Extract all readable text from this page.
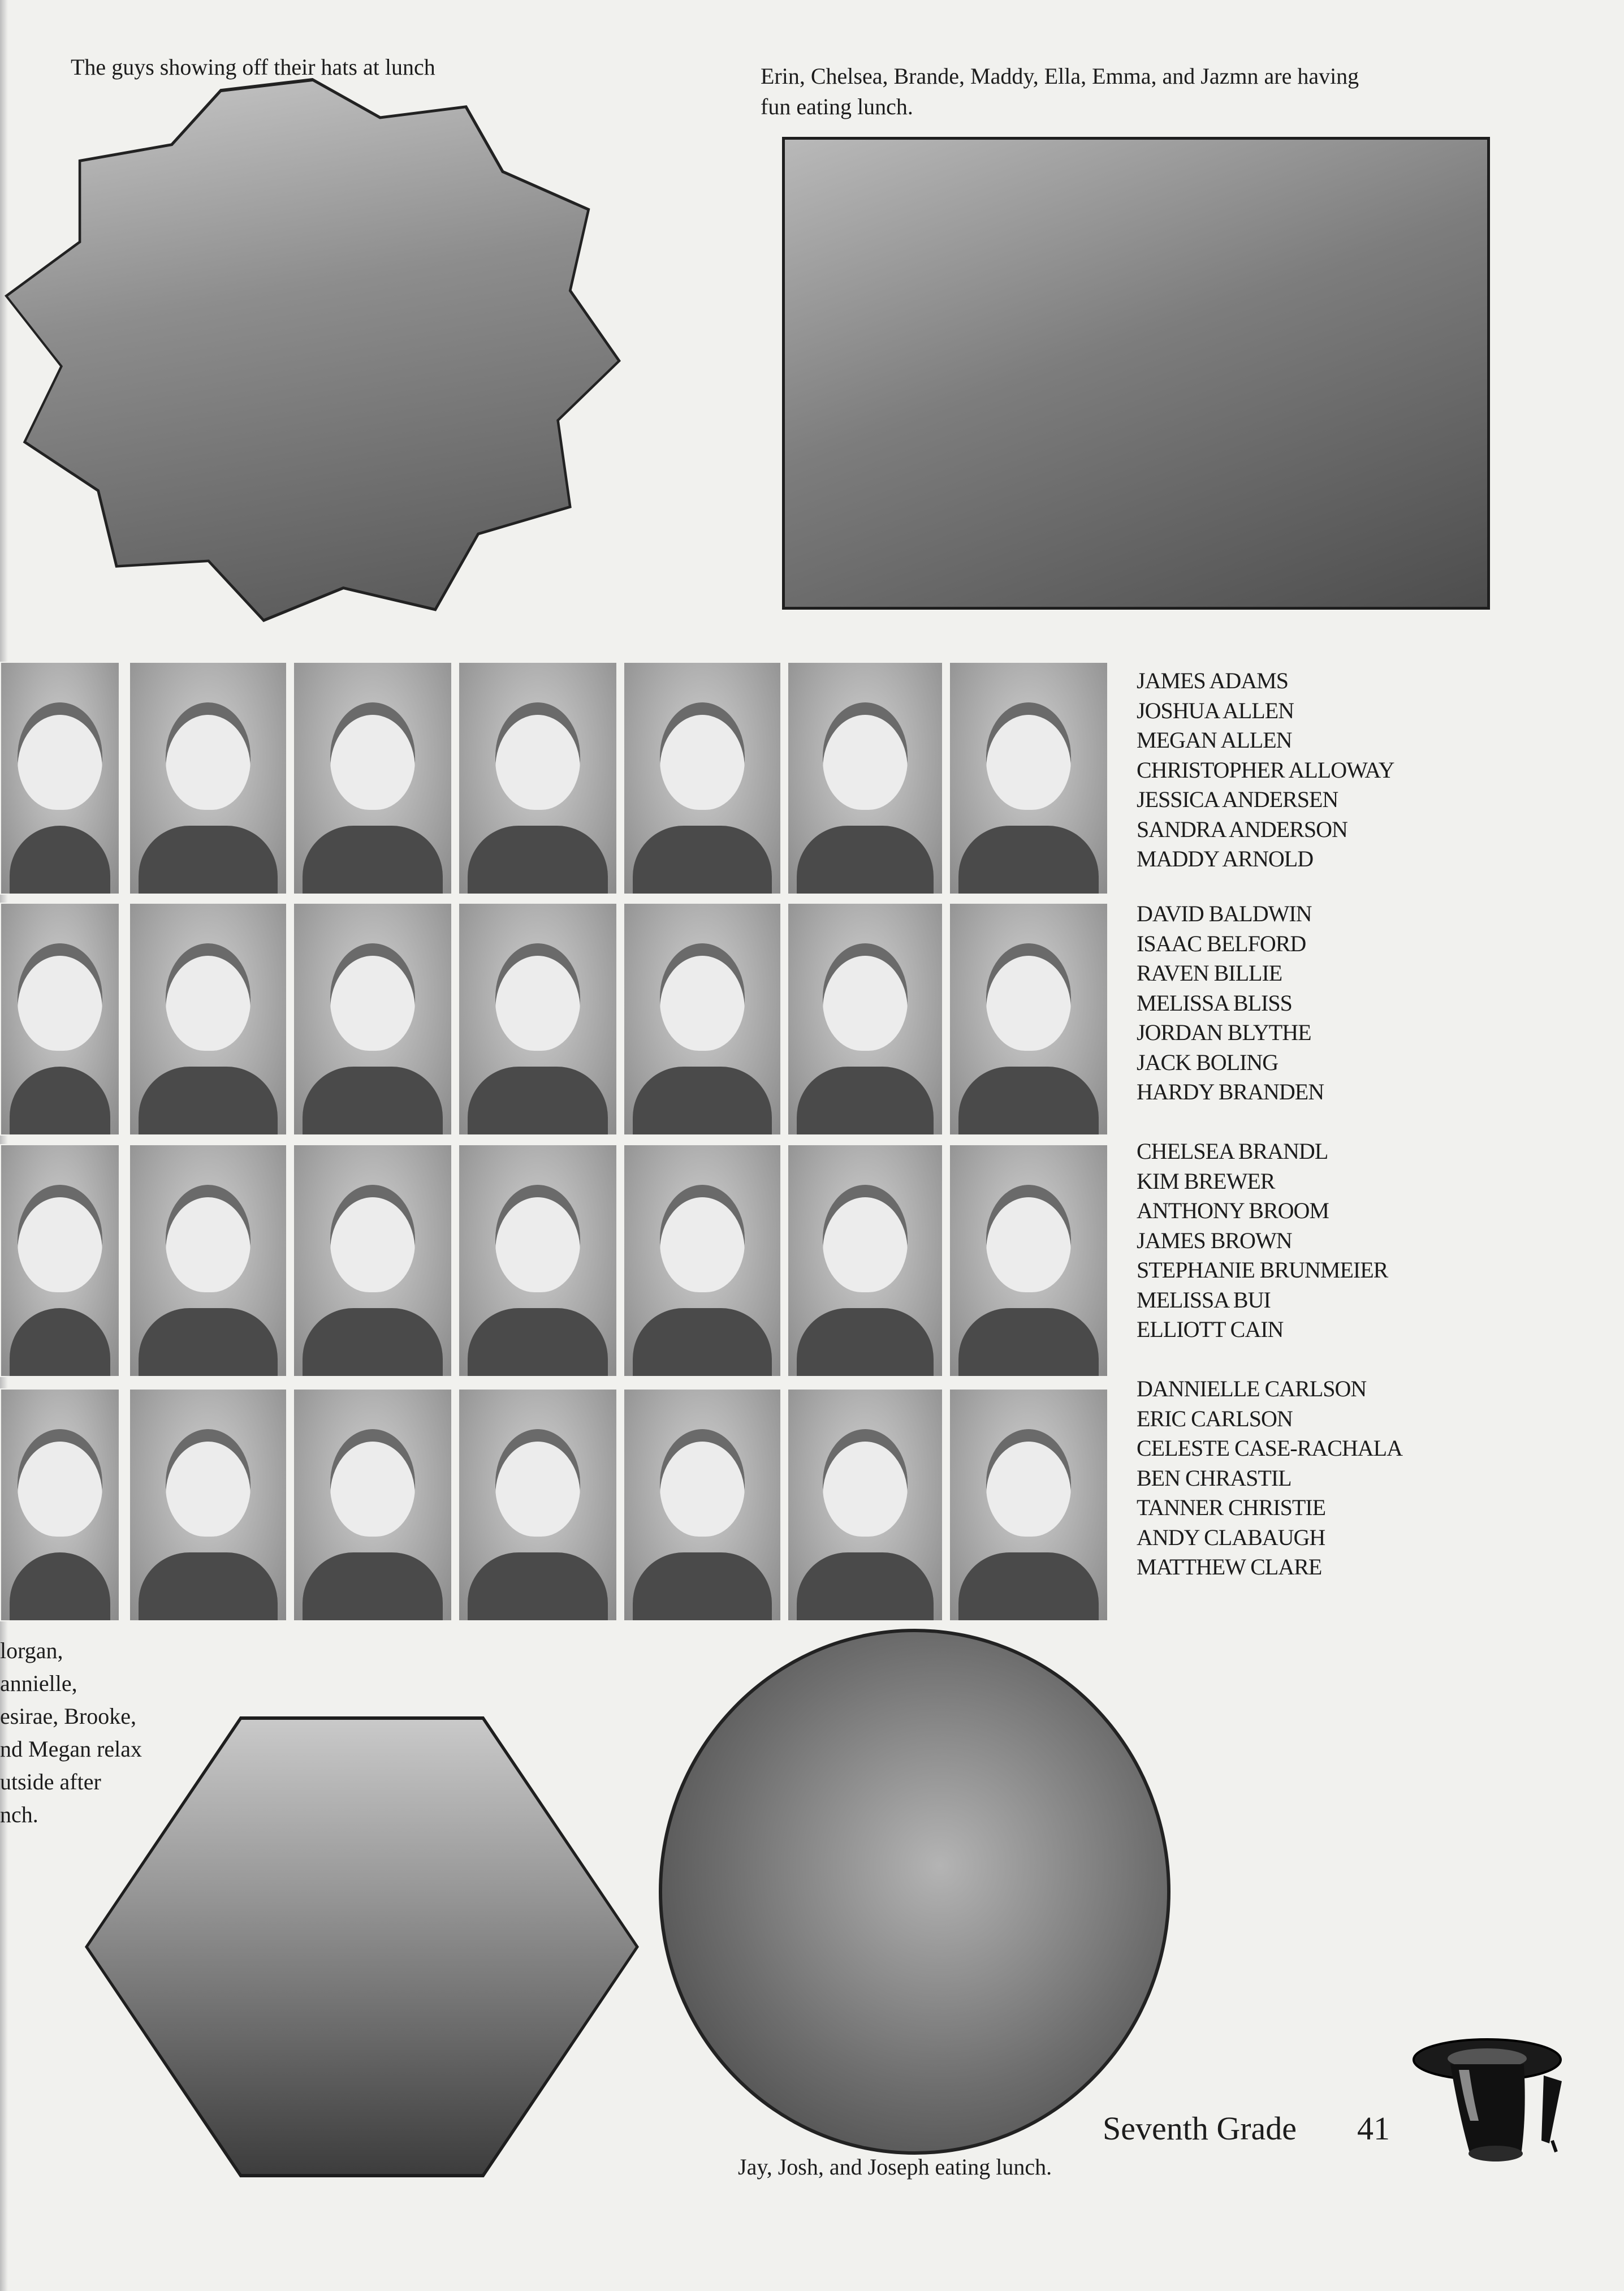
The guys showing off their hats at lunch	Erin, Chelsea, Brande, Maddy, Ella, Emma, and Jazmn are having
fun eating lunch.
JAMES ADAMS
JOSHUA ALLEN
MEGAN ALLEN
CHRISTOPHER ALLOWAY
JESSICA ANDERSEN
SANDRA ANDERSON
MADDY ARNOLD
DAVID BALDWIN
ISAAC BELFORD
RAVEN BILLIE
MELISSA BLISS
JORDAN BLYTHE
JACK BOLING
HARDY BRANDEN
CHELSEA BRANDL
KIM BREWER
ANTHONY BROOM
JAMES BROWN
STEPHANIE BRUNMEIER
MELISSA BUI
ELLIOTT CAIN
DANNIELLE CARLSON
ERIC CARLSON
CELESTE CASE-RACHALA
BEN CHRASTIL
TANNER CHRISTIE
ANDY CLABAUGH
MATTHEW CLARE
lorgan,
annielle,
esirae, Brooke,
nd Megan relax
utside after
nch.
Seventh Grade 41
Jay, Josh, and Joseph eating lunch.
